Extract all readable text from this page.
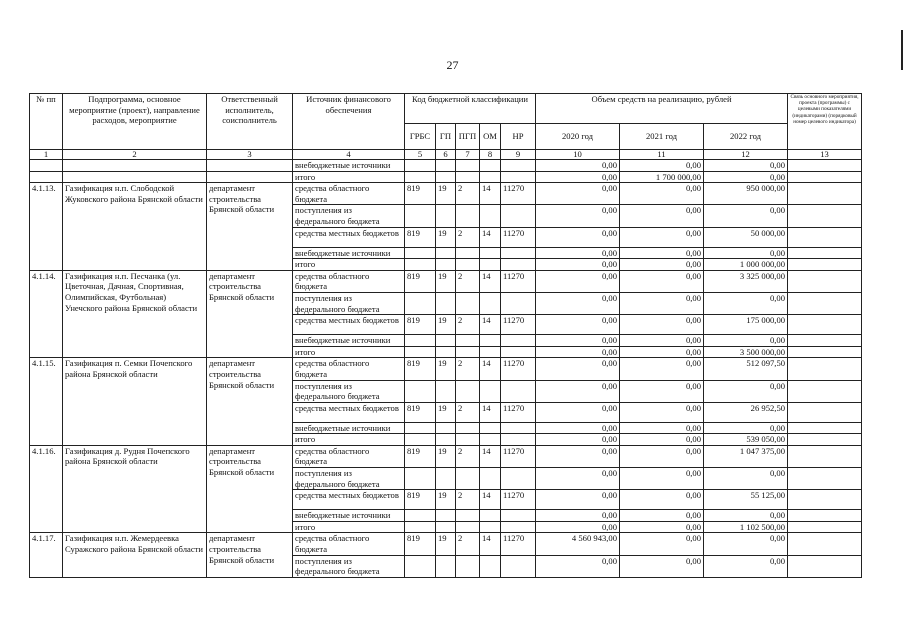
27
№ пп	Подпрограмма, основное мероприятие (проект), направление расходов, мероприятие	Ответственный исполнитель, соисполнитель	Источник финансового обеспечения	Код бюджетной классификации					Объем средств на реализацию, рублей			Связь основного мероприятия, проекта (программы) с целевыми показателями (индикаторами) (порядковый номер целевого индикатора)
				ГРБС	ГП	ПГП	ОМ	НР	2020 год	2021 год	2022 год	
1	2	3	4	5	6	7	8	9	10	11	12	13
			внебюджетные источники						0,00	0,00	0,00	
			итого						0,00	1 700 000,00	0,00	
4.1.13.	Газификация н.п. Слободской Жуковского района Брянской области	департамент строительства Брянской области	средства областного бюджета	819	19	2	14	11270	0,00	0,00	950 000,00	
			поступления из федерального бюджета						0,00	0,00	0,00	
			средства местных бюджетов	819	19	2	14	11270	0,00	0,00	50 000,00	
			внебюджетные источники						0,00	0,00	0,00	
			итого						0,00	0,00	1 000 000,00	
4.1.14.	Газификация н.п. Песчанка (ул. Цветочная, Дачная, Спортивная, Олимпийская, Футбольная) Унечского района Брянской области	департамент строительства Брянской области	средства областного бюджета	819	19	2	14	11270	0,00	0,00	3 325 000,00	
			поступления из федерального бюджета						0,00	0,00	0,00	
			средства местных бюджетов	819	19	2	14	11270	0,00	0,00	175 000,00	
			внебюджетные источники						0,00	0,00	0,00	
			итого						0,00	0,00	3 500 000,00	
4.1.15.	Газификация п. Семки Почепского района Брянской области	департамент строительства Брянской области	средства областного бюджета	819	19	2	14	11270	0,00	0,00	512 097,50	
			поступления из федерального бюджета						0,00	0,00	0,00	
			средства местных бюджетов	819	19	2	14	11270	0,00	0,00	26 952,50	
			внебюджетные источники						0,00	0,00	0,00	
			итого						0,00	0,00	539 050,00	
4.1.16.	Газификация д. Рудня Почепского района Брянской области	департамент строительства Брянской области	средства областного бюджета	819	19	2	14	11270	0,00	0,00	1 047 375,00	
			поступления из федерального бюджета						0,00	0,00	0,00	
			средства местных бюджетов	819	19	2	14	11270	0,00	0,00	55 125,00	
			внебюджетные источники						0,00	0,00	0,00	
			итого						0,00	0,00	1 102 500,00	
4.1.17.	Газификация н.п. Жемердеевка Суражского района Брянской области	департамент строительства Брянской области	средства областного бюджета	819	19	2	14	11270	4 560 943,00	0,00	0,00	
			поступления из федерального бюджета						0,00	0,00	0,00	
